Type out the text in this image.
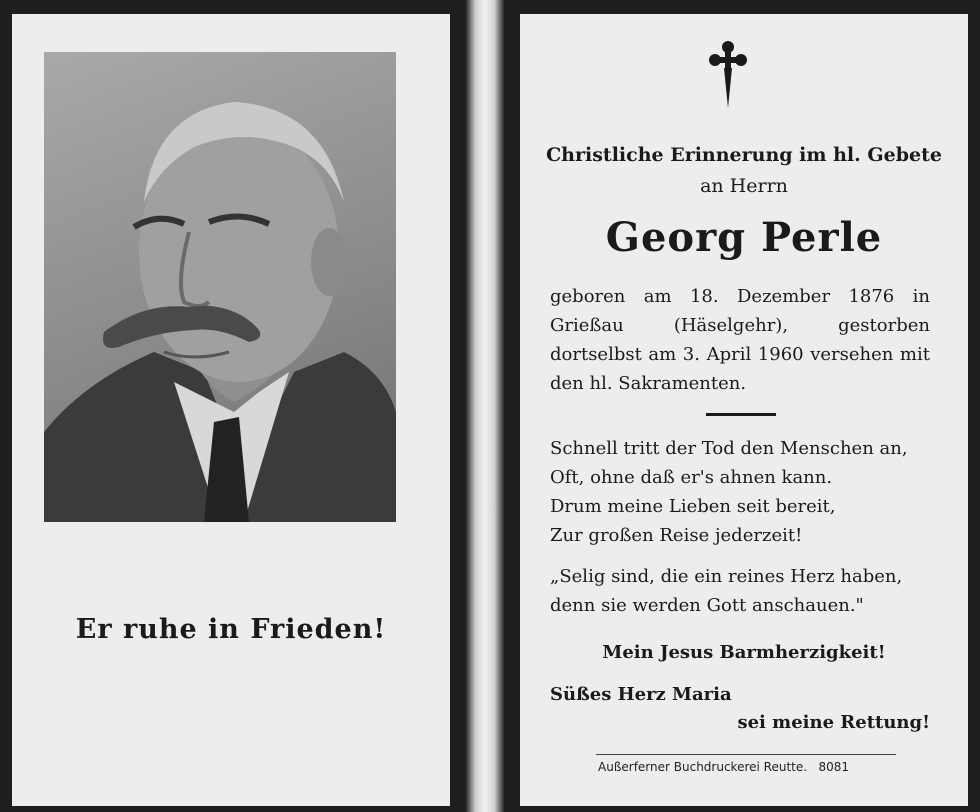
Er ruhe in Frieden!
Christliche Erinnerung im hl. Gebete
an Herrn
Georg Perle
geboren am 18. Dezember 1876 in Grießau (Häselgehr), gestorben dortselbst am 3. April 1960 versehen mit den hl. Sakramenten.
Schnell tritt der Tod den Menschen an,
Oft, ohne daß er's ahnen kann.
Drum meine Lieben seit bereit,
Zur großen Reise jederzeit!
„Selig sind, die ein reines Herz haben,
denn sie werden Gott anschauen."
Mein Jesus Barmherzigkeit!
Süßes Herz Maria
sei meine Rettung!
Außerferner Buchdruckerei Reutte. 8081
